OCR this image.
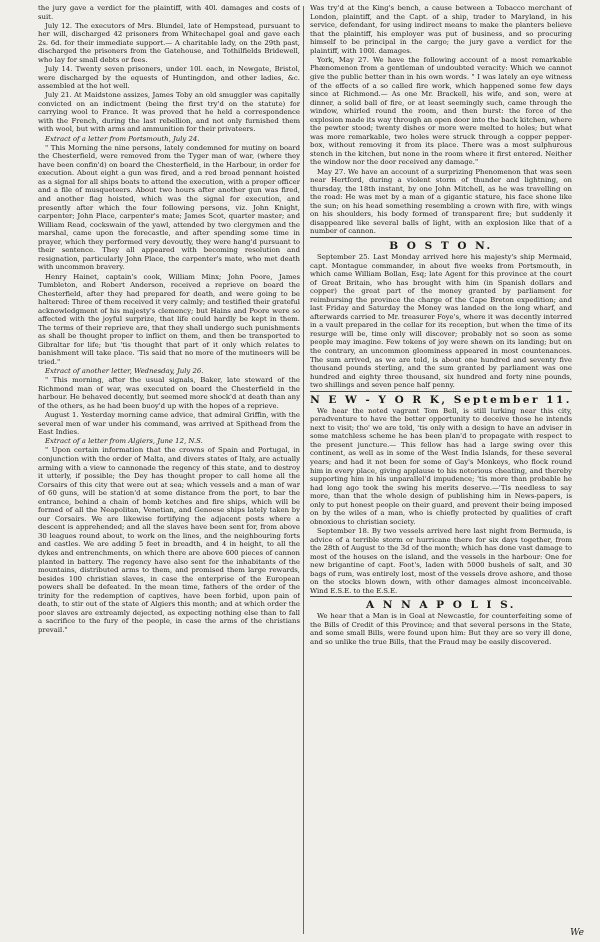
the jury gave a verdict for the plaintiff, with 40l. damages and costs of suit.

July 12. The executors of Mrs. Blundel, late of Hempstead, pursuant to her will, discharged 42 prisoners from Whitechapel goal and gave each 2s. 6d. for their immediate support.— A charitable lady, on the 29th past, discharged the prisoners from the Gatehouse, and Tothilfields Bridewell, who lay for small debts or fees.

July 14. Twenty seven prisoners, under 10l. each, in Newgate, Bristol, were discharged by the equests of Huntingdon, and other ladies, &c. assembled at the hot well.

July 21. At Maidstone assizes, James Toby an old smuggler was capitally convicted on an indictment (being the first try'd on the statute) for carrying wool to France. It was proved that he held a correspondence with the French, during the last rebellion, and not only furnished them with wool, but with arms and ammunition for their privateers.

Extract of a letter from Portsmouth, July 24.

" This Morning the nine persons, lately condemned for mutiny on board the Chesterfield, were removed from the Tyger man of war, (where they have been confin'd) on board the Chesterfield, in the Harbour, in order for execution. About eight a gun was fired, and a red broad pennant hoisted as a signal for all ships boats to attend the execution, with a proper officer and a file of musqueteers. About two hours after another gun was fired, and another flag hoisted, which was the signal for execution, and presently after which the four following persons, viz. John Knight, carpenter; John Place, carpenter's mate; James Scot, quarter master; and William Read, cockswain of the yawl, attended by two clergymen and the marshal, came upon the forecastle, and after spending some time in prayer, which they performed very devoutly, they were hang'd pursuant to their sentence. They all appeared with becoming resolution and resignation, particularly John Place, the carpenter's mate, who met death with uncommon bravery.

Henry Hainet, captain's cook, William Minx; John Poore, James Tumbleton, and Robert Anderson, received a reprieve on board the Chesterfield, after they had prepared for death, and were going to be haltered: Three of them received it very calmly; and testified their grateful acknowledgment of his majesty's clemency; but Hains and Poore were so affected with the joyful surprize, that life could hardly be kept in them. The terms of their reprieve are, that they shall undergo such punishments as shall be thought proper to inflict on them, and then be transported to Gibraltar for life; but 'tis thought that part of it only which relates to banishment will take place. 'Tis said that no more of the mutineers will be tried."

Extract of another letter, Wednesday, July 26.

" This morning, after the usual signals, Baker, late steward of the Richmond man of war, was executed on board the Chesterfield in the harbour. He behaved decently, but seemed more shock'd at death than any of the others, as he had been buoy'd up with the hopes of a reprieve.

August 1. Yesterday morning came advice, that admiral Griffin, with the several men of war under his command, was arrived at Spithead from the East Indies.

Extract of a letter from Algiers, June 12, N.S.

" Upon certain information that the crowns of Spain and Portugal, in conjunction with the order of Malta, and divers states of Italy, are actually arming with a view to cannonade the regency of this state, and to destroy it utterly, if possible; the Dey has thought proper to call home all the Corsairs of this city that were out at sea; which vessels and a man of war of 60 guns, will be station'd at some distance from the port, to bar the entrance, behind a chain of bomb ketches and fire ships, which will be formed of all the Neapolitan, Venetian, and Genoese ships lately taken by our Corsairs. We are likewise fortifying the adjacent posts where a descent is apprehended; and all the slaves have been sent for, from above 30 leagues round about, to work on the lines, and the neighbouring forts and castles. We are adding 5 feet in breadth, and 4 in height, to all the dykes and entrenchments, on which there are above 600 pieces of cannon planted in battery. The regency have also sent for the inhabitants of the mountains, distributed arms to them, and promised them large rewards, besides 100 christian slaves, in case the enterprise of the European powers shall be defeated. In the mean time, fathers of the order of the trinity for the redemption of captives, have been forbid, upon pain of death, to stir out of the state of Algiers this month; and at which order the poor slaves are extreamly dejected, as expecting nothing else than to fall a sacrifice to the fury of the people, in case the arms of the christians prevail."

Was try'd at the King's bench, a cause between a Tobacco merchant of London, plaintiff, and the Capt. of a ship, trader to Maryland, in his service, defendant, for using indirect means to make the planters believe that the plaintiff, his employer was put of business, and so procuring himself to be principal in the cargo; the jury gave a verdict for the plaintiff, with 100l. damages.

York, May 27. We have the following account of a most remarkable Phænomenon from a gentleman of undoubted veracity: Which we cannot give the public better than in his own words. " I was lately an eye witness of the effects of a so called fire work, which happened some few days since at Richmond.— As one Mr. Brackell, his wife, and son, were at dinner, a solid ball of fire, or at least seemingly such, came through the window, whirled round the room, and then burst: the force of the explosion made its way through an open door into the back kitchen, where the pewter stood; twenty dishes or more were melted to holes; but what was more remarkable, two holes were struck through a copper pepper-box, without removing it from its place. There was a most sulphurous stench in the kitchen, but none in the room where it first entered. Neither the window nor the door received any damage."

May 27. We have an account of a surprizing Phenomenon that was seen near Hertford, during a violent storm of thunder and lightning, on thursday, the 18th instant, by one John Mitchell, as he was travelling on the road: He was met by a man of a gigantic stature, his face shone like the sun; on his head something resembling a crown with fire, with wings on his shoulders, his body formed of transparent fire; but suddenly it disappeared like several balls of light, with an explosion like that of a number of cannon.

B O S T O N.

September 25. Last Monday arrived here his majesty's ship Mermaid, capt. Montague commander, in about five weeks from Portsmouth, in which came William Bollan, Esq; late Agent for this province at the court of Great Britain, who has brought with him (in Spanish dollars and copper) the great part of the money granted by parliament for reimbursing the province the charge of the Cape Breton expedition; and last Friday and Saturday the Money was landed on the long wharf, and afterwards carried to Mr. treasurer Foye's, where it was decently interred in a vault prepared in the cellar for its reception, but when the time of its resurge will be, time only will discover; probably not so soon as some people may imagine. Few tokens of joy were shewn on its landing; but on the contrary, an uncommon gloominess appeared in most countenances. The sum arrived, as we are told, is about one hundred and seventy five thousand pounds sterling, and the sum granted by parliament was one hundred and eighty three thousand, six hundred and forty nine pounds, two shillings and seven pence half penny.

N E W - Y O R K, September 11.

We hear the noted vagrant Tom Bell, is still lurking near this city, peradventure to have the better opportunity to deceive those he intends next to visit; tho' we are told, 'tis only with a design to have an adviser in some matchless scheme he has been plan'd to propagate with respect to the present juncture.— This fellow has had a large swing over this continent, as well as in some of the West India Islands, for these several years; and had it not been for some of Gay's Monkeys, who flock round him in every place, giving applause to his notorious cheating, and thereby supporting him in his unparallel'd impudence; 'tis more than probable he had long ago took the swing his merits deserve.—'Tis needless to say more, than that the whole design of publishing him in News-papers, is only to put honest people on their guard, and prevent their being imposed on by the wiles of a man, who is chiefly protected by qualities of craft obnoxious to christian society.

September 18. By two vessels arrived here last night from Bermuda, is advice of a terrible storm or hurricane there for six days together, from the 28th of August to the 3d of the month; which has done vast damage to most of the houses on the island, and the vessels in the harbour: One for new brigantine of capt. Foot's, laden with 5000 bushels of salt, and 30 bags of rum, was entirely lost, most of the vessels drove ashore, and those on the stocks blown down, with other damages almost inconceivable. Wind E.S.E. to the E.S.E.

A N N A P O L I S.

We hear that a Man is in Goal at Newcastle, for counterfeiting some of the Bills of Credit of this Province; and that several persons in the State, and some small Bills, were found upon him: But they are so very ill done, and so unlike the true Bills, that the Fraud may be easily discovered.

We
